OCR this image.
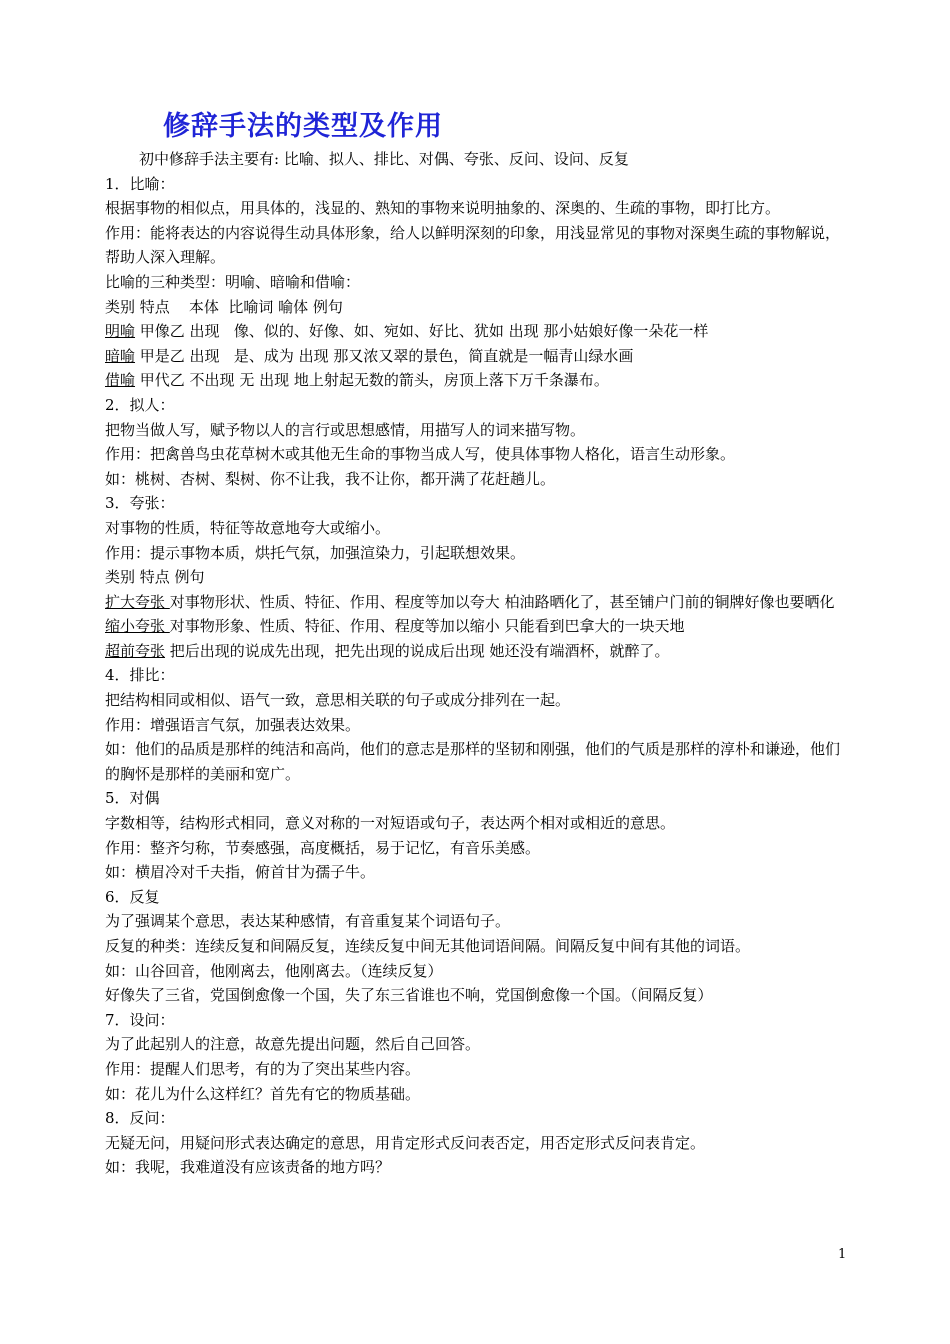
修辞手法的类型及作用
初中修辞手法主要有: 比喻、拟人、排比、对偶、夸张、反问、设问、反复
1．比喻：
根据事物的相似点，用具体的，浅显的、熟知的事物来说明抽象的、深奥的、生疏的事物，即打比方。
作用：能将表达的内容说得生动具体形象，给人以鲜明深刻的印象，用浅显常见的事物对深奥生疏的事物解说，帮助人深入理解。
比喻的三种类型：明喻、暗喻和借喻：
类别 特点    本体  比喻词 喻体 例句
明喻 甲像乙 出现   像、似的、好像、如、宛如、好比、犹如 出现 那小姑娘好像一朵花一样
暗喻 甲是乙 出现   是、成为 出现 那又浓又翠的景色，简直就是一幅青山绿水画
借喻 甲代乙 不出现 无 出现 地上射起无数的箭头，房顶上落下万千条瀑布。
2．拟人：
把物当做人写，赋予物以人的言行或思想感情，用描写人的词来描写物。
作用：把禽兽鸟虫花草树木或其他无生命的事物当成人写，使具体事物人格化，语言生动形象。
如：桃树、杏树、梨树、你不让我，我不让你，都开满了花赶趟儿。
3．夸张：
对事物的性质，特征等故意地夸大或缩小。
作用：提示事物本质，烘托气氛，加强渲染力，引起联想效果。
类别 特点 例句
扩大夸张 对事物形状、性质、特征、作用、程度等加以夸大 柏油路晒化了，甚至铺户门前的铜牌好像也要晒化
缩小夸张 对事物形象、性质、特征、作用、程度等加以缩小 只能看到巴拿大的一块天地
超前夸张 把后出现的说成先出现，把先出现的说成后出现 她还没有端酒杯，就醉了。
4．排比：
把结构相同或相似、语气一致，意思相关联的句子或成分排列在一起。
作用：增强语言气氛，加强表达效果。
如：他们的品质是那样的纯洁和高尚，他们的意志是那样的坚韧和刚强，他们的气质是那样的淳朴和谦逊，他们的胸怀是那样的美丽和宽广。
5．对偶
字数相等，结构形式相同，意义对称的一对短语或句子，表达两个相对或相近的意思。
作用：整齐匀称，节奏感强，高度概括，易于记忆，有音乐美感。
如：横眉冷对千夫指，俯首甘为孺子牛。
6．反复
为了强调某个意思，表达某种感情，有音重复某个词语句子。
反复的种类：连续反复和间隔反复，连续反复中间无其他词语间隔。间隔反复中间有其他的词语。
如：山谷回音，他刚离去，他刚离去。（连续反复）
好像失了三省，党国倒愈像一个国，失了东三省谁也不响，党国倒愈像一个国。（间隔反复）
7．设问：
为了此起别人的注意，故意先提出问题，然后自己回答。
作用：提醒人们思考，有的为了突出某些内容。
如：花儿为什么这样红？首先有它的物质基础。
8．反问：
无疑无问，用疑问形式表达确定的意思，用肯定形式反问表否定，用否定形式反问表肯定。
如：我呢，我难道没有应该责备的地方吗？
1
